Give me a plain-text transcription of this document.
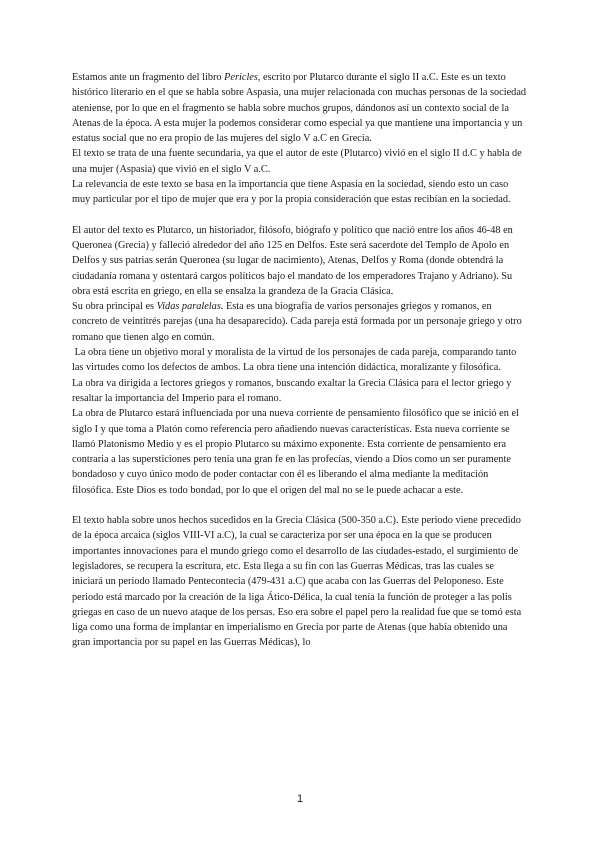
Estamos ante un fragmento del libro Pericles, escrito por Plutarco durante el siglo II a.C. Este es un texto histórico literario en el que se habla sobre Aspasia, una mujer relacionada con muchas personas de la sociedad ateniense, por lo que en el fragmento se habla sobre muchos grupos, dándonos así un contexto social de la Atenas de la época. A esta mujer la podemos considerar como especial ya que mantiene una importancia y un estatus social que no era propio de las mujeres del siglo V a.C en Grecia.

El texto se trata de una fuente secundaria, ya que el autor de este (Plutarco) vivió en el siglo II d.C y habla de una mujer (Aspasia) que vivió en el siglo V a.C.

La relevancia de este texto se basa en la importancia que tiene Aspasia en la sociedad, siendo esto un caso muy particular por el tipo de mujer que era y por la propia consideración que estas recibían en la sociedad.

El autor del texto es Plutarco, un historiador, filósofo, biógrafo y político que nació entre los años 46-48 en Queronea (Grecia) y falleció alrededor del año 125 en Delfos. Este será sacerdote del Templo de Apolo en Delfos y sus patrias serán Queronea (su lugar de nacimiento), Atenas, Delfos y Roma (donde obtendrá la ciudadanía romana y ostentará cargos políticos bajo el mandato de los emperadores Trajano y Adriano). Su obra está escrita en griego, en ella se ensalza la grandeza de la Gracia Clásica.

Su obra principal es Vidas paralelas. Esta es una biografía de varios personajes griegos y romanos, en concreto de veintitrés parejas (una ha desaparecido). Cada pareja está formada por un personaje griego y otro romano que tienen algo en común.

La obra tiene un objetivo moral y moralista de la virtud de los personajes de cada pareja, comparando tanto las virtudes como los defectos de ambos. La obra tiene una intención didáctica, moralizante y filosófica.

La obra va dirigida a lectores griegos y romanos, buscando exaltar la Grecia Clásica para el lector griego y resaltar la importancia del Imperio para el romano.

La obra de Plutarco estará influenciada por una nueva corriente de pensamiento filosófico que se inició en el siglo I y que toma a Platón como referencia pero añadiendo nuevas características. Esta nueva corriente se llamó Platonismo Medio y es el propio Plutarco su máximo exponente. Esta corriente de pensamiento era contraria a las supersticiones pero tenía una gran fe en las profecías, viendo a Dios como un ser puramente bondadoso y cuyo único modo de poder contactar con él es liberando el alma mediante la meditación filosófica. Este Dios es todo bondad, por lo que el origen del mal no se le puede achacar a este.

El texto habla sobre unos hechos sucedidos en la Grecia Clásica (500-350 a.C). Este periodo viene precedido de la época arcaica (siglos VIII-VI a.C), la cual se caracteriza por ser una época en la que se producen importantes innovaciones para el mundo griego como el desarrollo de las ciudades-estado, el surgimiento de legisladores, se recupera la escritura, etc. Esta llega a su fin con las Guerras Médicas, tras las cuales se iniciará un periodo llamado Pentecontecia (479-431 a.C) que acaba con las Guerras del Peloponeso. Este periodo está marcado por la creación de la liga Ático-Délica, la cual tenía la función de proteger a las polis griegas en caso de un nuevo ataque de los persas. Eso era sobre el papel pero la realidad fue que se tomó esta liga como una forma de implantar en imperialismo en Grecia por parte de Atenas (que había obtenido una gran importancia por su papel en las Guerras Médicas), lo

1
